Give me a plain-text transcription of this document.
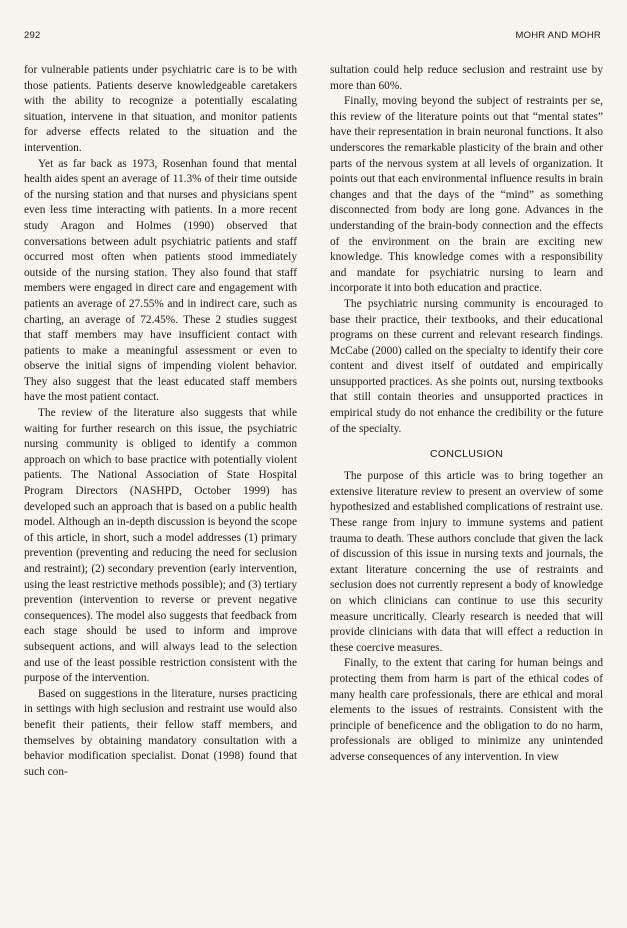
292	MOHR AND MOHR

for vulnerable patients under psychiatric care is to be with those patients. Patients deserve knowledgeable caretakers with the ability to recognize a potentially escalating situation, intervene in that situation, and monitor patients for adverse effects related to the situation and the intervention.

Yet as far back as 1973, Rosenhan found that mental health aides spent an average of 11.3% of their time outside of the nursing station and that nurses and physicians spent even less time interacting with patients. In a more recent study Aragon and Holmes (1990) observed that conversations between adult psychiatric patients and staff occurred most often when patients stood immediately outside of the nursing station. They also found that staff members were engaged in direct care and engagement with patients an average of 27.55% and in indirect care, such as charting, an average of 72.45%. These 2 studies suggest that staff members may have insufficient contact with patients to make a meaningful assessment or even to observe the initial signs of impending violent behavior. They also suggest that the least educated staff members have the most patient contact.

The review of the literature also suggests that while waiting for further research on this issue, the psychiatric nursing community is obliged to identify a common approach on which to base practice with potentially violent patients. The National Association of State Hospital Program Directors (NASHPD, October 1999) has developed such an approach that is based on a public health model. Although an in-depth discussion is beyond the scope of this article, in short, such a model addresses (1) primary prevention (preventing and reducing the need for seclusion and restraint); (2) secondary prevention (early intervention, using the least restrictive methods possible); and (3) tertiary prevention (intervention to reverse or prevent negative consequences). The model also suggests that feedback from each stage should be used to inform and improve subsequent actions, and will always lead to the selection and use of the least possible restriction consistent with the purpose of the intervention.

Based on suggestions in the literature, nurses practicing in settings with high seclusion and restraint use would also benefit their patients, their fellow staff members, and themselves by obtaining mandatory consultation with a behavior modification specialist. Donat (1998) found that such con-

sultation could help reduce seclusion and restraint use by more than 60%.

Finally, moving beyond the subject of restraints per se, this review of the literature points out that “mental states” have their representation in brain neuronal functions. It also underscores the remarkable plasticity of the brain and other parts of the nervous system at all levels of organization. It points out that each environmental influence results in brain changes and that the days of the “mind” as something disconnected from body are long gone. Advances in the understanding of the brain-body connection and the effects of the environment on the brain are exciting new knowledge. This knowledge comes with a responsibility and mandate for psychiatric nursing to learn and incorporate it into both education and practice.

The psychiatric nursing community is encouraged to base their practice, their textbooks, and their educational programs on these current and relevant research findings. McCabe (2000) called on the specialty to identify their core content and divest itself of outdated and empirically unsupported practices. As she points out, nursing textbooks that still contain theories and unsupported practices in empirical study do not enhance the credibility or the future of the specialty.

CONCLUSION

The purpose of this article was to bring together an extensive literature review to present an overview of some hypothesized and established complications of restraint use. These range from injury to immune systems and patient trauma to death. These authors conclude that given the lack of discussion of this issue in nursing texts and journals, the extant literature concerning the use of restraints and seclusion does not currently represent a body of knowledge on which clinicians can continue to use this security measure uncritically. Clearly research is needed that will provide clinicians with data that will effect a reduction in these coercive measures.

Finally, to the extent that caring for human beings and protecting them from harm is part of the ethical codes of many health care professionals, there are ethical and moral elements to the issues of restraints. Consistent with the principle of beneficence and the obligation to do no harm, professionals are obliged to minimize any unintended adverse consequences of any intervention. In view
